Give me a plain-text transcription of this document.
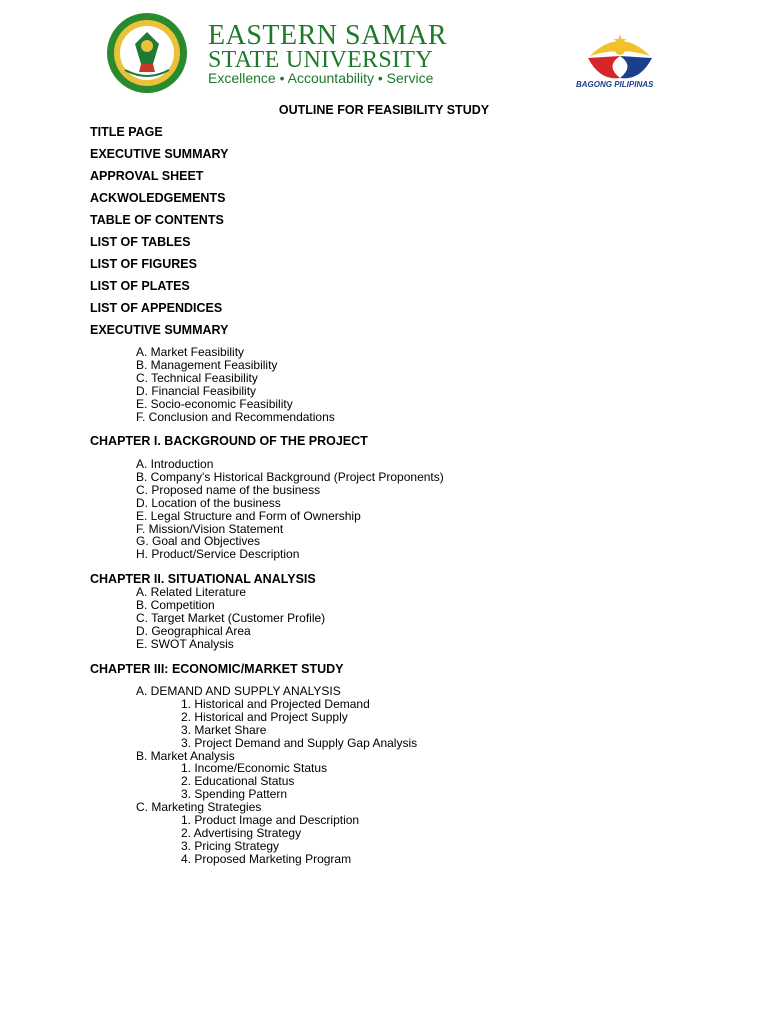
EASTERN SAMAR
STATE UNIVERSITY
Excellence • Accountability • Service	BAGONG PILIPINAS
OUTLINE FOR FEASIBILITY STUDY
TITLE PAGE
EXECUTIVE SUMMARY
APPROVAL SHEET
ACKWOLEDGEMENTS
TABLE OF CONTENTS
LIST OF TABLES
LIST OF FIGURES
LIST OF PLATES
LIST OF APPENDICES
EXECUTIVE SUMMARY
A. Market Feasibility
B. Management Feasibility
C. Technical Feasibility
D. Financial Feasibility
E. Socio-economic Feasibility
F. Conclusion and Recommendations
CHAPTER I. BACKGROUND OF THE PROJECT
A. Introduction
B. Company's Historical Background (Project Proponents)
C. Proposed name of the business
D. Location of the business
E. Legal Structure and Form of Ownership
F. Mission/Vision Statement
G. Goal and Objectives
H. Product/Service Description
CHAPTER II. SITUATIONAL ANALYSIS
A. Related Literature
B. Competition
C. Target Market (Customer Profile)
D. Geographical Area
E. SWOT Analysis
CHAPTER III: ECONOMIC/MARKET STUDY
A. DEMAND AND SUPPLY ANALYSIS
1. Historical and Projected Demand
2. Historical and Project Supply
3. Market Share
3. Project Demand and Supply Gap Analysis
B. Market Analysis
1. Income/Economic Status
2. Educational Status
3. Spending Pattern
C. Marketing Strategies
1. Product Image and Description
2. Advertising Strategy
3. Pricing Strategy
4. Proposed Marketing Program
